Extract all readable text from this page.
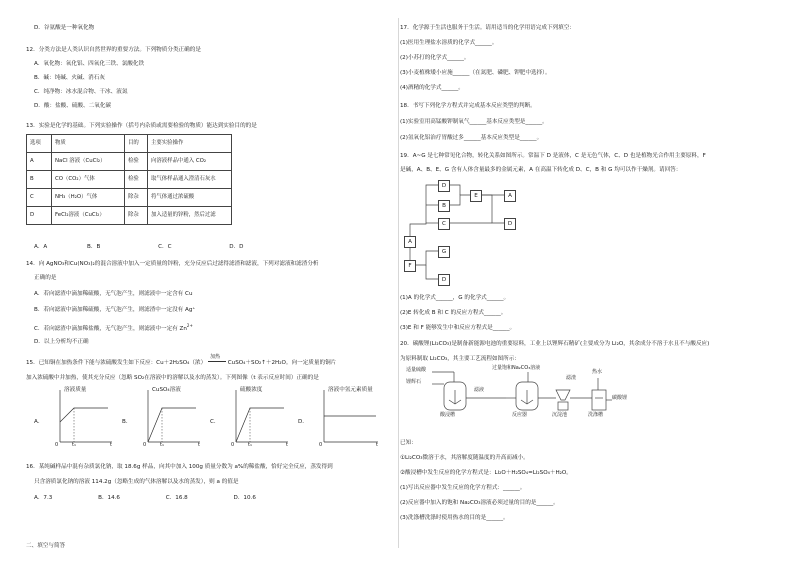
D．谷氨酸是一种氧化物
12．分类方法是人类认识自然世界的重要方法。下列物质分类正确的是
A．氧化物：氧化铝、四氧化三铁、氯酸化铁
B．碱：纯碱、火碱、消石灰
C．纯净物：冰水混合物、干冰、液氮
D．酸：盐酸、硫酸、二氧化碳
13．实验是化学的基础。下列实验操作（括号内杂质或需要检验的物质）能达到实验目的的是
选项	物质	目的	主要实验操作
A	NaCl 溶液（CuCl₂）	检验	向溶液样品中通入 CO₂
B	CO（CO₂）气体	检验	取气体样品通入澄清石灰水
C	NH₃（H₂O）气体	除杂	将气体通过浓硫酸
D	FeCl₂溶液（CuCl₂）	除杂	加入适量的锌粉，然后过滤
A．A	B．B	C．C	D．D
14．向 AgNO₃和Cu(NO₃)₂的混合溶液中加入一定质量的锌粉，充分反应后过滤得滤渣和滤液，下列对滤液和滤渣分析
正确的是
A．若向滤渣中滴加稀硫酸，无气泡产生，则滤液中一定含有 Cu
B．若向滤液中滴加稀硫酸，无气泡产生，则滤渣中一定没有 Ag⁺
C．若向滤渣中滴加稀盐酸，无气泡产生，则滤液中一定有 $Zn^{2+}$
D．以上分析均不正确
15．已知铜在加热条件下能与浓硫酸发生如下反应：Cu＋2H₂SO₄（浓）
加热
CuSO₄＋SO₂↑＋2H₂O。向一定质量的铜片
加入浓硫酸中并加热，使其充分反应（忽略 SO₂在溶液中的溶解以及水的蒸发）。下列图像（t 表示反应时间）正确的是
A．
溶液质量
0	t₁	t
B．
CuSO₄溶液
0	t₁	t
C．
硫酸浓度
0	t₁	t
D．
溶液中氢元素质量
0	t
16．某纯碱样品中混有杂质氯化钠，取 18.6g 样品，向其中加入 100g 质量分数为 a%的稀盐酸，恰好完全反应，蒸发得到
只含溶质氯化钠的溶液 114.2g（忽略生成的气体溶解以及水的蒸发），则 a 的值是
A．7.3	B．14.6	C．16.8	D．10.6
二、填空与简答
17．化学源于生活也服务于生活。请用适当的化学用语完成下列填空：
(1)医用生理盐水溶质的化学式______。
(2)小苏打的化学式______。
(3)小麦植株矮小应施______（在氮肥、磷肥、钾肥中选择）。
(4)酒精的化学式______。
18．书写下列化学方程式并完成基本反应类型的判断。
(1)实验室用高锰酸钾制氧气______基本反应类型是______。
(2)氢氧化铝治疗胃酸过多______基本反应类型是______。
19．A~G 是七种常见化合物，转化关系如图所示。常温下 D 是液体，C 是无色气体，C、D 也是植物光合作用主要原料，F
是碱，A、B、E、G 含有人体含量最多的金属元素，A 在高温下转化成 D、C，B 和 G 均可以作干燥剂。请回答：
D
B
E	A
C	D
A
G
F
D
(1)A 的化学式______，G 的化学式______。
(2)E 转化成 B 和 C 的反应方程式______。
(3)E 和 F 能够发生中和反应方程式是______。
20．碳酸锂(Li₂CO₃)是制备新能源电池的重要原料，工业上以锂辉石精矿(主要成分为 Li₂O，其余成分不溶于水且不与酸反应)
为原料制取 Li₂CO₃，其主要工艺流程如图所示：
适量硫酸
锂辉石
过量饱和Na₂CO₃溶液
滤液
滤渣
热水
碳酸锂
酸浸槽	反应器	沉淀池	洗涤槽
已知：
①Li₂CO₃微溶于水，其溶解度随温度的升高而减小。
②酸浸槽中发生反应的化学方程式是：Li₂O＋H₂SO₄=Li₂SO₄＋H₂O。
(1)写出反应器中发生反应的化学方程式：______。
(2)反应器中加入的饱和 Na₂CO₃溶液必须过量的目的是______。
(3)洗涤槽洗涤时使用热水的目的是______。
